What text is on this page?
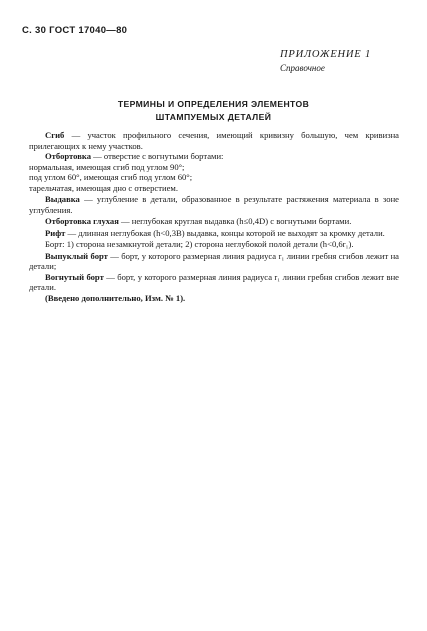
С. 30 ГОСТ 17040—80
ПРИЛОЖЕНИЕ 1
Справочное
ТЕРМИНЫ И ОПРЕДЕЛЕНИЯ ЭЛЕМЕНТОВ
ШТАМПУЕМЫХ ДЕТАЛЕЙ

Сгиб — участок профильного сечения, имеющий кривизну большую, чем кривизна прилегающих к нему участков.

Отбортовка — отверстие с вогнутыми бортами:

нормальная, имеющая сгиб под углом 90°;

под углом 60°, имеющая сгиб под углом 60°;

тарельчатая, имеющая дно с отверстием.

Выдавка — углубление в детали, образованное в результате растяжения материала в зоне углубления.

Отбортовка глухая — неглубокая круглая выдавка (h≤0,4D) с вогнутыми бортами.

Рифт — длинная неглубокая (h<0,3B) выдавка, концы которой не выходят за кромку детали.

Борт: 1) сторона незамкнутой детали; 2) сторона неглубокой полой детали (h<0,6r₁).

Выпуклый борт — борт, у которого размерная линия радиуса r₁ линии гребня сгибов лежит на детали;

Вогнутый борт — борт, у которого размерная линия радиуса r₁ линии гребня сгибов лежит вне детали.

(Введено дополнительно, Изм. № 1).
